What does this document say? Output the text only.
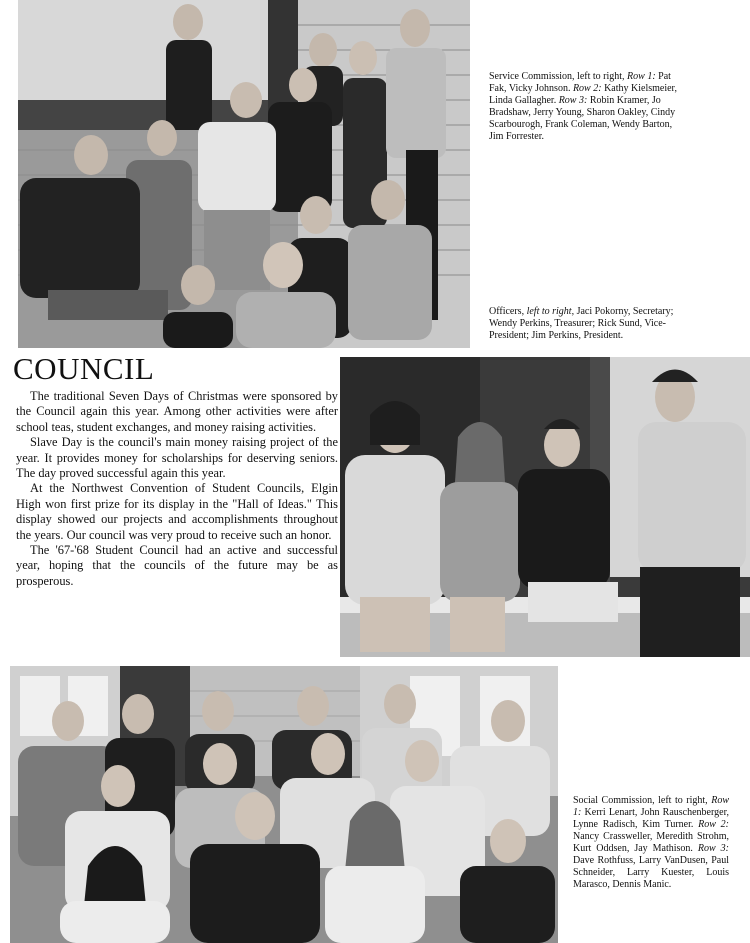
Service Commission, left to right, Row 1: Pat Fak, Vicky Johnson. Row 2: Kathy Kielsmeier, Linda Gallagher. Row 3: Robin Kramer, Jo Bradshaw, Jerry Young, Sharon Oakley, Cindy Scarbourogh, Frank Coleman, Wendy Barton, Jim Forrester.
Officers, left to right, Jaci Pokorny, Secretary; Wendy Perkins, Treasurer; Rick Sund, Vice-President; Jim Perkins, President.
COUNCIL

The traditional Seven Days of Christmas were sponsored by the Council again this year. Among other activities were after school teas, student exchanges, and money raising activities.

Slave Day is the council's main money raising project of the year. It provides money for scholarships for deserving seniors. The day proved successful again this year.

At the Northwest Convention of Student Councils, Elgin High won first prize for its display in the "Hall of Ideas." This display showed our projects and accomplishments throughout the years. Our council was very proud to receive such an honor.

The '67-'68 Student Council had an active and successful year, hoping that the councils of the future may be as prosperous.

Social Commission, left to right, Row 1: Kerri Lenart, John Rauschenberger, Lynne Radisch, Kim Turner. Row 2: Nancy Crassweller, Meredith Strohm, Kurt Oddsen, Jay Mathison. Row 3: Dave Rothfuss, Larry VanDusen, Paul Schneider, Larry Kuester, Louis Marasco, Dennis Manic.
